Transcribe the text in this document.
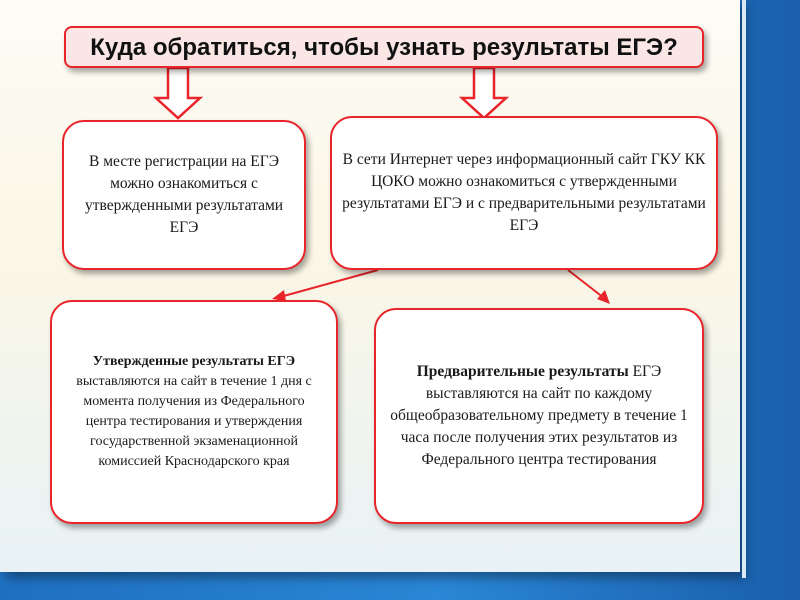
Куда обратиться, чтобы узнать результаты ЕГЭ?
В месте регистрации на ЕГЭ можно ознакомиться с утвержденными результатами ЕГЭ
В сети Интернет через информационный сайт ГКУ КК ЦОКО можно ознакомиться с утвержденными результатами ЕГЭ и с предварительными результатами ЕГЭ
Утвержденные результаты ЕГЭ выставляются на сайт в течение 1 дня с момента получения из Федерального центра тестирования и утверждения государственной экзаменационной комиссией Краснодарского края
Предварительные результаты ЕГЭ выставляются на сайт по каждому общеобразовательному предмету в течение 1 часа после получения этих результатов из Федерального центра тестирования
